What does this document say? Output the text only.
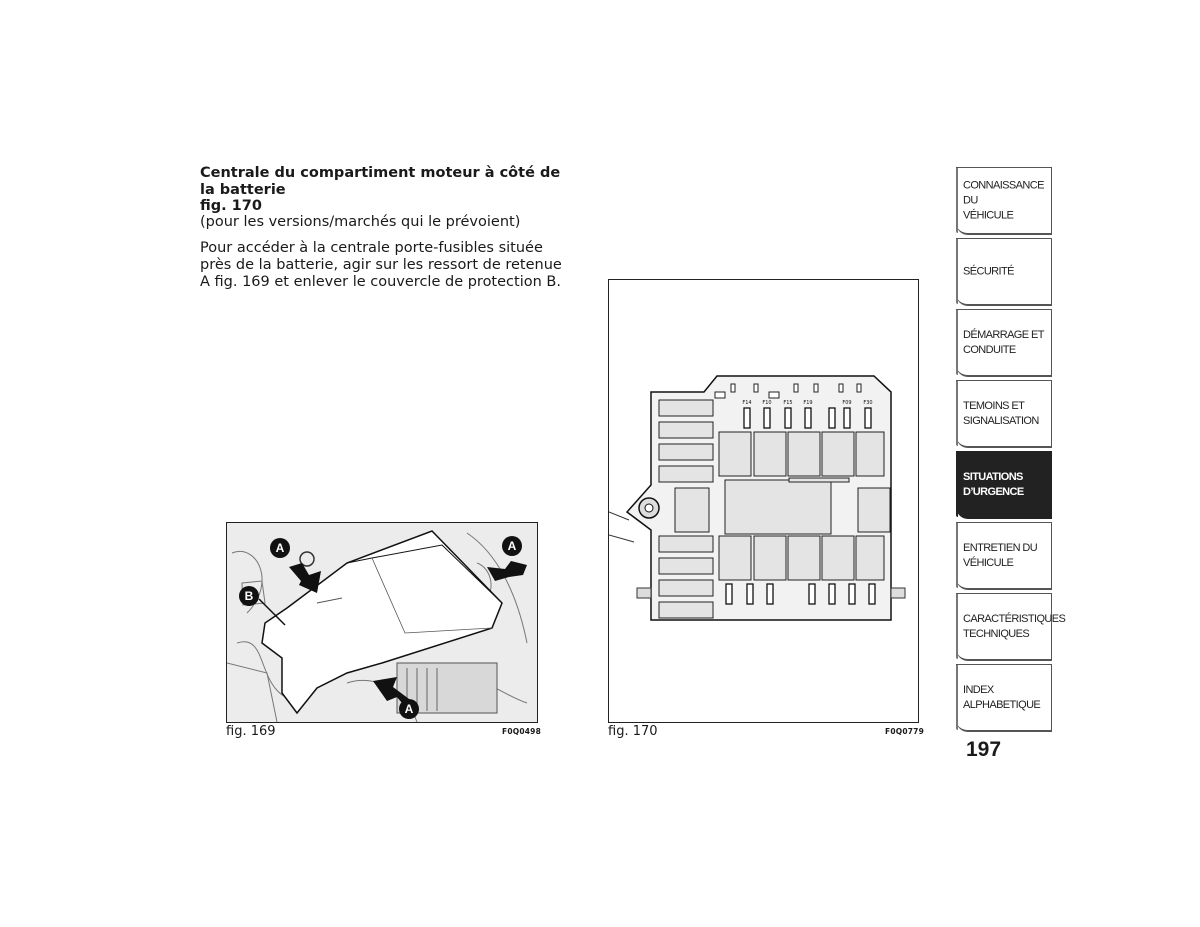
Centrale du compartiment moteur à côté de la batterie
fig. 170
(pour les versions/marchés qui le prévoient)

Pour accéder à la centrale porte-fusibles située près de la batterie, agir sur les ressort de retenue A fig. 169 et enlever le couvercle de protection B.

A	A
A
B
fig. 169	F0Q0498
F14 F10 F15 F19	F09 F30
fig. 170	F0Q0779
CONNAISSANCE DU
VÉHICULE
SÉCURITÉ
DÉMARRAGE ET
CONDUITE
TEMOINS ET
SIGNALISATION
SITUATIONS
D’URGENCE
ENTRETIEN DU
VÉHICULE
CARACTÉRISTIQUES
TECHNIQUES
INDEX
ALPHABETIQUE
197
